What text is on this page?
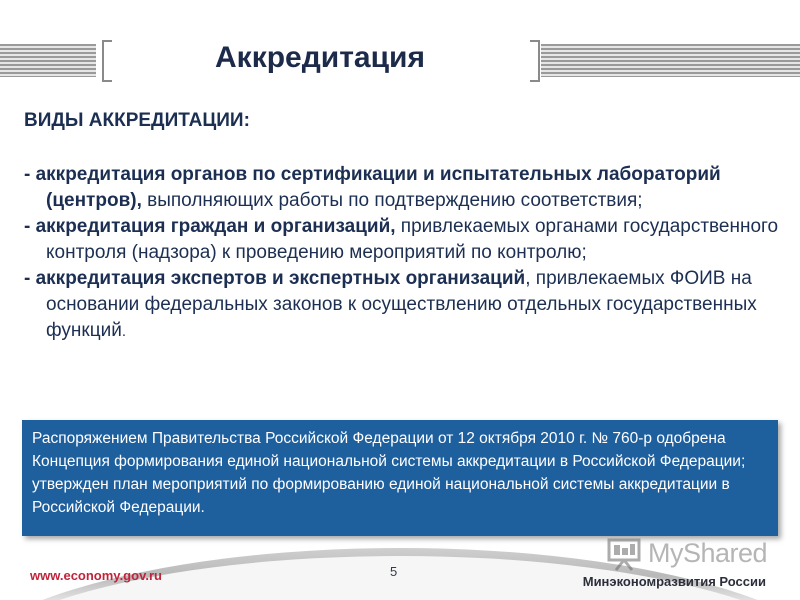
Аккредитация
ВИДЫ АККРЕДИТАЦИИ:

- аккредитация органов по сертификации и испытательных лабораторий (центров), выполняющих работы по подтверждению соответствия;

- аккредитация граждан и организаций, привлекаемых органами государственного контроля (надзора) к проведению мероприятий по контролю;

- аккредитация экспертов и экспертных организаций, привлекаемых ФОИВ на основании федеральных законов к осуществлению отдельных государственных функций.

Распоряжением Правительства Российской Федерации от 12 октября 2010 г. № 760-р одобрена Концепция формирования единой национальной системы аккредитации в Российской Федерации;

утвержден план мероприятий по формированию единой национальной системы аккредитации в Российской Федерации.

MyShared
www.economy.gov.ru	5
Минэкономразвития России
